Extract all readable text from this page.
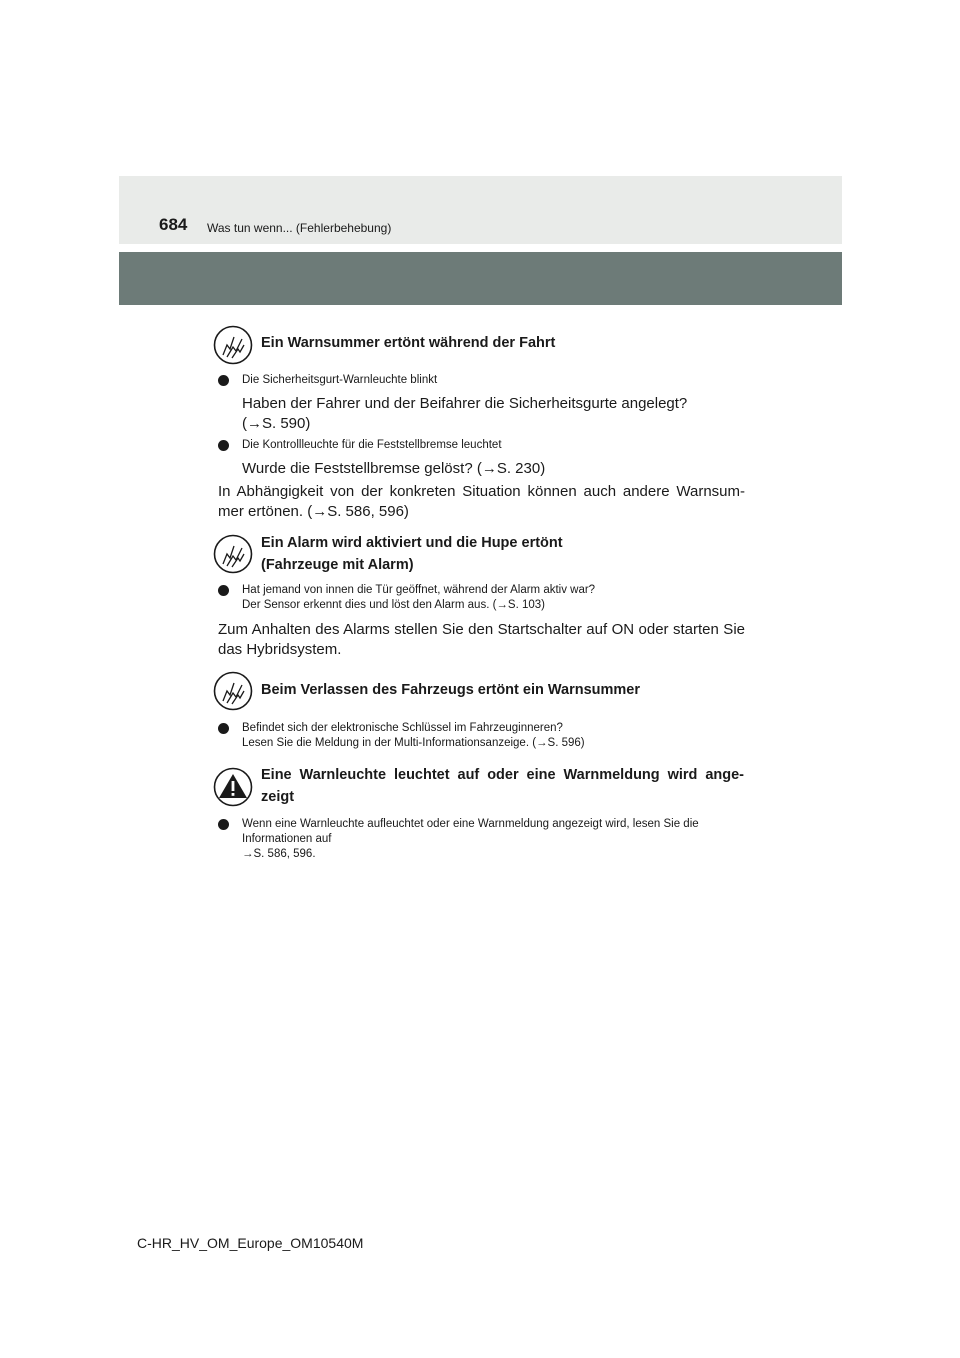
684 Was tun wenn... (Fehlerbehebung)
Ein Warnsummer ertönt während der Fahrt
Die Sicherheitsgurt-Warnleuchte blinkt
Haben der Fahrer und der Beifahrer die Sicherheitsgurte angelegt?
(→S. 590)
Die Kontrollleuchte für die Feststellbremse leuchtet
Wurde die Feststellbremse gelöst? (→S. 230)
In Abhängigkeit von der konkreten Situation können auch andere Warnsum-mer ertönen. (→S. 586, 596)
Ein Alarm wird aktiviert und die Hupe ertönt
(Fahrzeuge mit Alarm)
Hat jemand von innen die Tür geöffnet, während der Alarm aktiv war?
Der Sensor erkennt dies und löst den Alarm aus. (→S. 103)
Zum Anhalten des Alarms stellen Sie den Startschalter auf ON oder starten Sie das Hybridsystem.
Beim Verlassen des Fahrzeugs ertönt ein Warnsummer
Befindet sich der elektronische Schlüssel im Fahrzeuginneren?
Lesen Sie die Meldung in der Multi-Informationsanzeige. (→S. 596)
Eine Warnleuchte leuchtet auf oder eine Warnmeldung wird ange-zeigt
Wenn eine Warnleuchte aufleuchtet oder eine Warnmeldung angezeigt wird, lesen Sie die Informationen auf
→S. 586, 596.
C-HR_HV_OM_Europe_OM10540M
